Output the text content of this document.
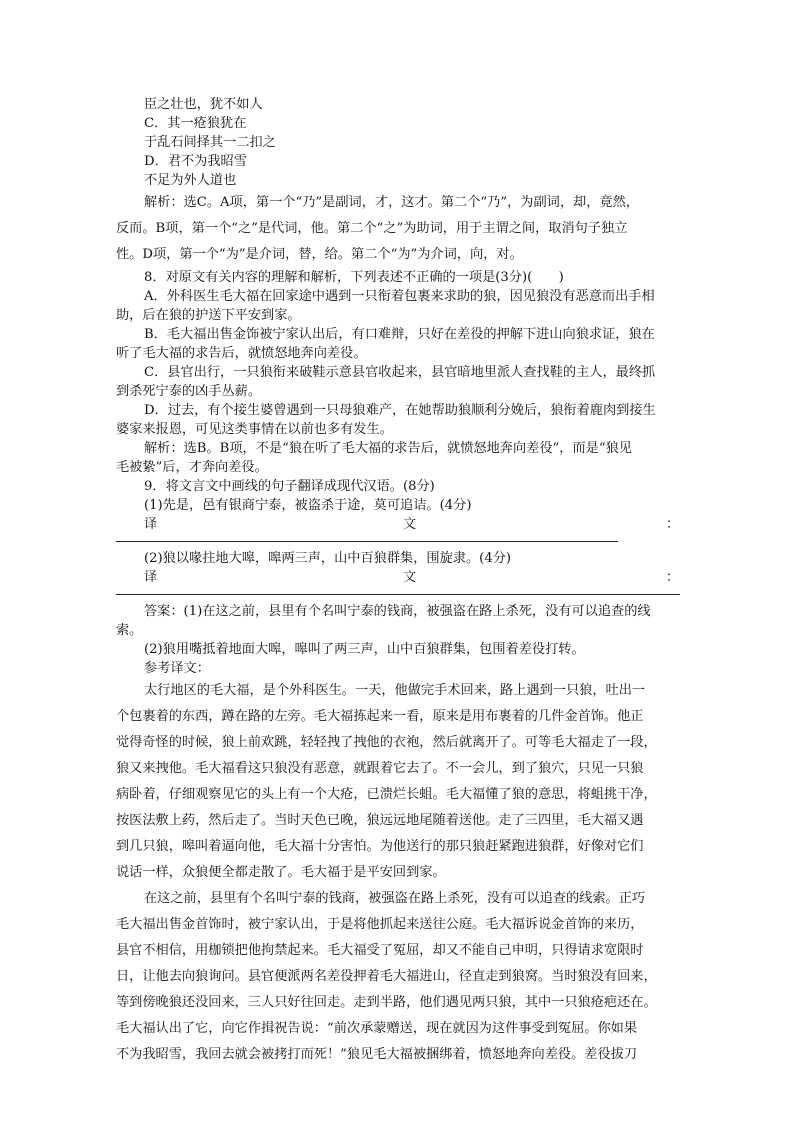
臣之壮也，犹不如人
C．其一疮狼犹在
于乱石间择其一二扣之
D．君不为我昭雪
不足为外人道也
解析：选C。A项，第一个“乃”是副词，才，这才。第二个“乃”，为副词，却，竟然，
反而。B项，第一个“之”是代词，他。第二个“之”为助词，用于主谓之间，取消句子独立
性。D项，第一个“为”是介词，替，给。第二个“为”为介词，向，对。
8．对原文有关内容的理解和解析，下列表述不正确的一项是(3分)(　　)
A．外科医生毛大福在回家途中遇到一只衔着包裹来求助的狼，因见狼没有恶意而出手相
助，后在狼的护送下平安到家。
B．毛大福出售金饰被宁家认出后，有口难辩，只好在差役的押解下进山向狼求证，狼在
听了毛大福的求告后，就愤怒地奔向差役。
C．县官出行，一只狼衔来破鞋示意县官收起来，县官暗地里派人查找鞋的主人，最终抓
到杀死宁泰的凶手丛薪。
D．过去，有个接生婆曾遇到一只母狼难产，在她帮助狼顺利分娩后，狼衔着鹿肉到接生
婆家来报恩，可见这类事情在以前也多有发生。
解析：选B。B项，不是“狼在听了毛大福的求告后，就愤怒地奔向差役”，而是“狼见
毛被絷”后，才奔向差役。
9．将文言文中画线的句子翻译成现代汉语。(8分)
(1)先是，邑有银商宁泰，被盗杀于途，莫可追诘。(4分)
译	文	：
(2)狼以喙拄地大嗥，嗥两三声，山中百狼群集，围旋隶。(4分)
译	文	：
答案：(1)在这之前，县里有个名叫宁泰的钱商，被强盗在路上杀死，没有可以追查的线
索。
(2)狼用嘴抵着地面大嗥，嗥叫了两三声，山中百狼群集，包围着差役打转。
参考译文：
太行地区的毛大福，是个外科医生。一天，他做完手术回来，路上遇到一只狼，吐出一
个包裹着的东西，蹲在路的左旁。毛大福拣起来一看，原来是用布裹着的几件金首饰。他正
觉得奇怪的时候，狼上前欢跳，轻轻拽了拽他的衣袍，然后就离开了。可等毛大福走了一段，
狼又来拽他。毛大福看这只狼没有恶意，就跟着它去了。不一会儿，到了狼穴，只见一只狼
病卧着，仔细观察见它的头上有一个大疮，已溃烂长蛆。毛大福懂了狼的意思，将蛆挑干净，
按医法敷上药，然后走了。当时天色已晚，狼远远地尾随着送他。走了三四里，毛大福又遇
到几只狼，嗥叫着逼向他，毛大福十分害怕。为他送行的那只狼赶紧跑进狼群，好像对它们
说话一样，众狼便全都走散了。毛大福于是平安回到家。
在这之前，县里有个名叫宁泰的钱商，被强盗在路上杀死，没有可以追查的线索。正巧
毛大福出售金首饰时，被宁家认出，于是将他抓起来送往公庭。毛大福诉说金首饰的来历，
县官不相信，用枷锁把他拘禁起来。毛大福受了冤屈，却又不能自己申明，只得请求宽限时
日，让他去向狼询问。县官便派两名差役押着毛大福进山，径直走到狼窝。当时狼没有回来，
等到傍晚狼还没回来，三人只好往回走。走到半路，他们遇见两只狼，其中一只狼疮疤还在。
毛大福认出了它，向它作揖祝告说：“前次承蒙赠送，现在就因为这件事受到冤屈。你如果
不为我昭雪，我回去就会被拷打而死！”狼见毛大福被捆绑着，愤怒地奔向差役。差役拔刀
